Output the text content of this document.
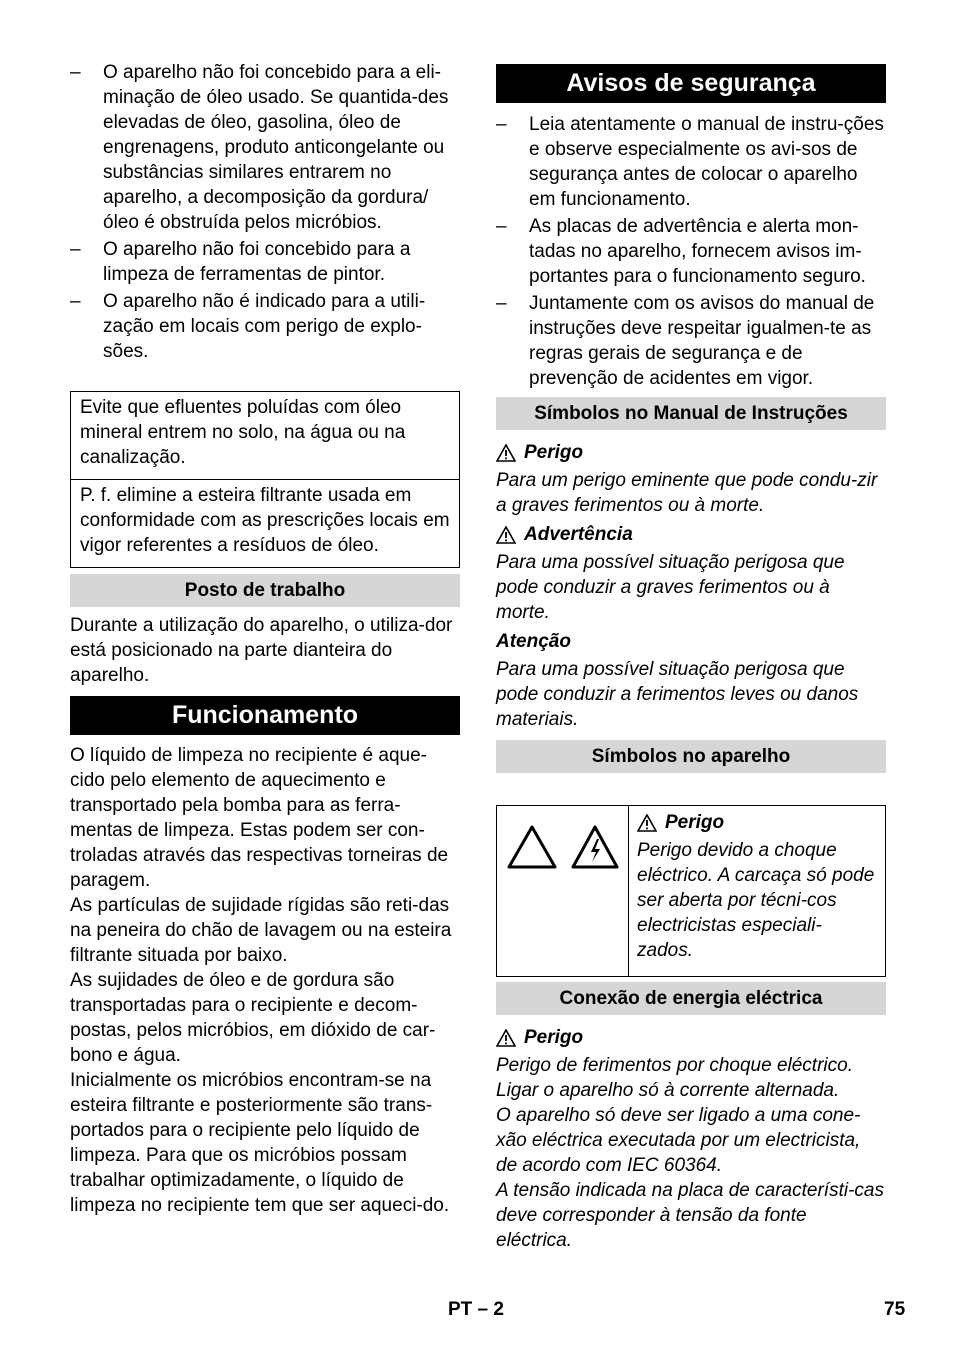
– O aparelho não foi concebido para a eli-minação de óleo usado. Se quantida-des elevadas de óleo, gasolina, óleo de engrenagens, produto anticongelante ou substâncias similares entrarem no aparelho, a decomposição da gordura/óleo é obstruída pelos micróbios.
– O aparelho não foi concebido para a limpeza de ferramentas de pintor.
– O aparelho não é indicado para a utili-zação em locais com perigo de explo-sões.
Evite que efluentes poluídas com óleo mineral entrem no solo, na água ou na canalização.
P. f. elimine a esteira filtrante usada em conformidade com as prescrições locais em vigor referentes a resíduos de óleo.
Posto de trabalho

Durante a utilização do aparelho, o utiliza-dor está posicionado na parte dianteira do aparelho.

Funcionamento

O líquido de limpeza no recipiente é aque-cido pelo elemento de aquecimento e transportado pela bomba para as ferra-mentas de limpeza. Estas podem ser con-troladas através das respectivas torneiras de paragem.

As partículas de sujidade rígidas são reti-das na peneira do chão de lavagem ou na esteira filtrante situada por baixo.

As sujidades de óleo e de gordura são transportadas para o recipiente e decom-postas, pelos micróbios, em dióxido de car-bono e água.

Inicialmente os micróbios encontram-se na esteira filtrante e posteriormente são trans-portados para o recipiente pelo líquido de limpeza. Para que os micróbios possam trabalhar optimizadamente, o líquido de limpeza no recipiente tem que ser aqueci-do.

Avisos de segurança
– Leia atentamente o manual de instru-ções e observe especialmente os avi-sos de segurança antes de colocar o aparelho em funcionamento.
– As placas de advertência e alerta mon-tadas no aparelho, fornecem avisos im-portantes para o funcionamento seguro.
– Juntamente com os avisos do manual de instruções deve respeitar igualmen-te as regras gerais de segurança e de prevenção de acidentes em vigor.
Símbolos no Manual de Instruções
Perigo

Para um perigo eminente que pode condu-zir a graves ferimentos ou à morte.

Advertência

Para uma possível situação perigosa que pode conduzir a graves ferimentos ou à morte.

Atenção

Para uma possível situação perigosa que pode conduzir a ferimentos leves ou danos materiais.

Símbolos no aparelho
Perigo

Perigo devido a choque eléctrico. A carcaça só pode ser aberta por técni-cos electricistas especiali-zados.

Conexão de energia eléctrica
Perigo

Perigo de ferimentos por choque eléctrico.

Ligar o aparelho só à corrente alternada.

O aparelho só deve ser ligado a uma cone-xão eléctrica executada por um electricista, de acordo com IEC 60364.

A tensão indicada na placa de característi-cas deve corresponder à tensão da fonte eléctrica.

PT – 2	75
